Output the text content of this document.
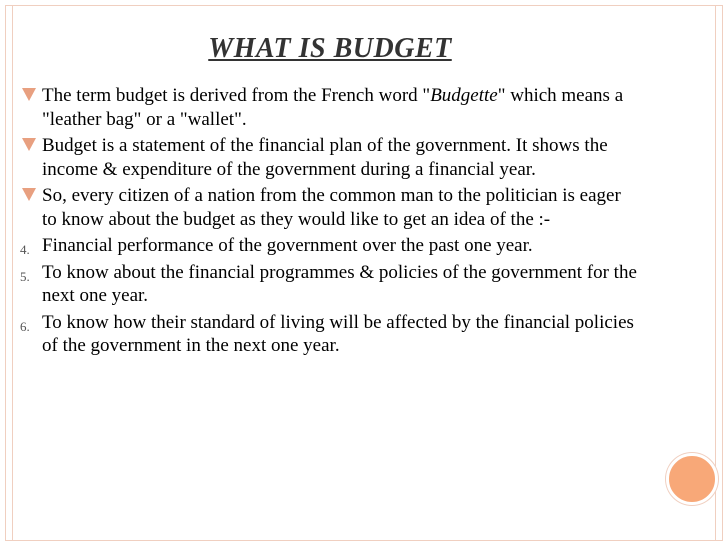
WHAT IS BUDGET
The term budget is derived from the French word "Budgette" which means a "leather bag" or a "wallet".
Budget is a statement of the financial plan of the government. It shows the income & expenditure of the government during a financial year.
So, every citizen of a nation from the common man to the politician is eager to know about the budget as they would like to get an idea of the :-
4. Financial performance of the government over the past one year.
5. To know about the financial programmes & policies of the government for the next one year.
6. To know how their standard of living will be affected by the financial policies of the government in the next one year.
